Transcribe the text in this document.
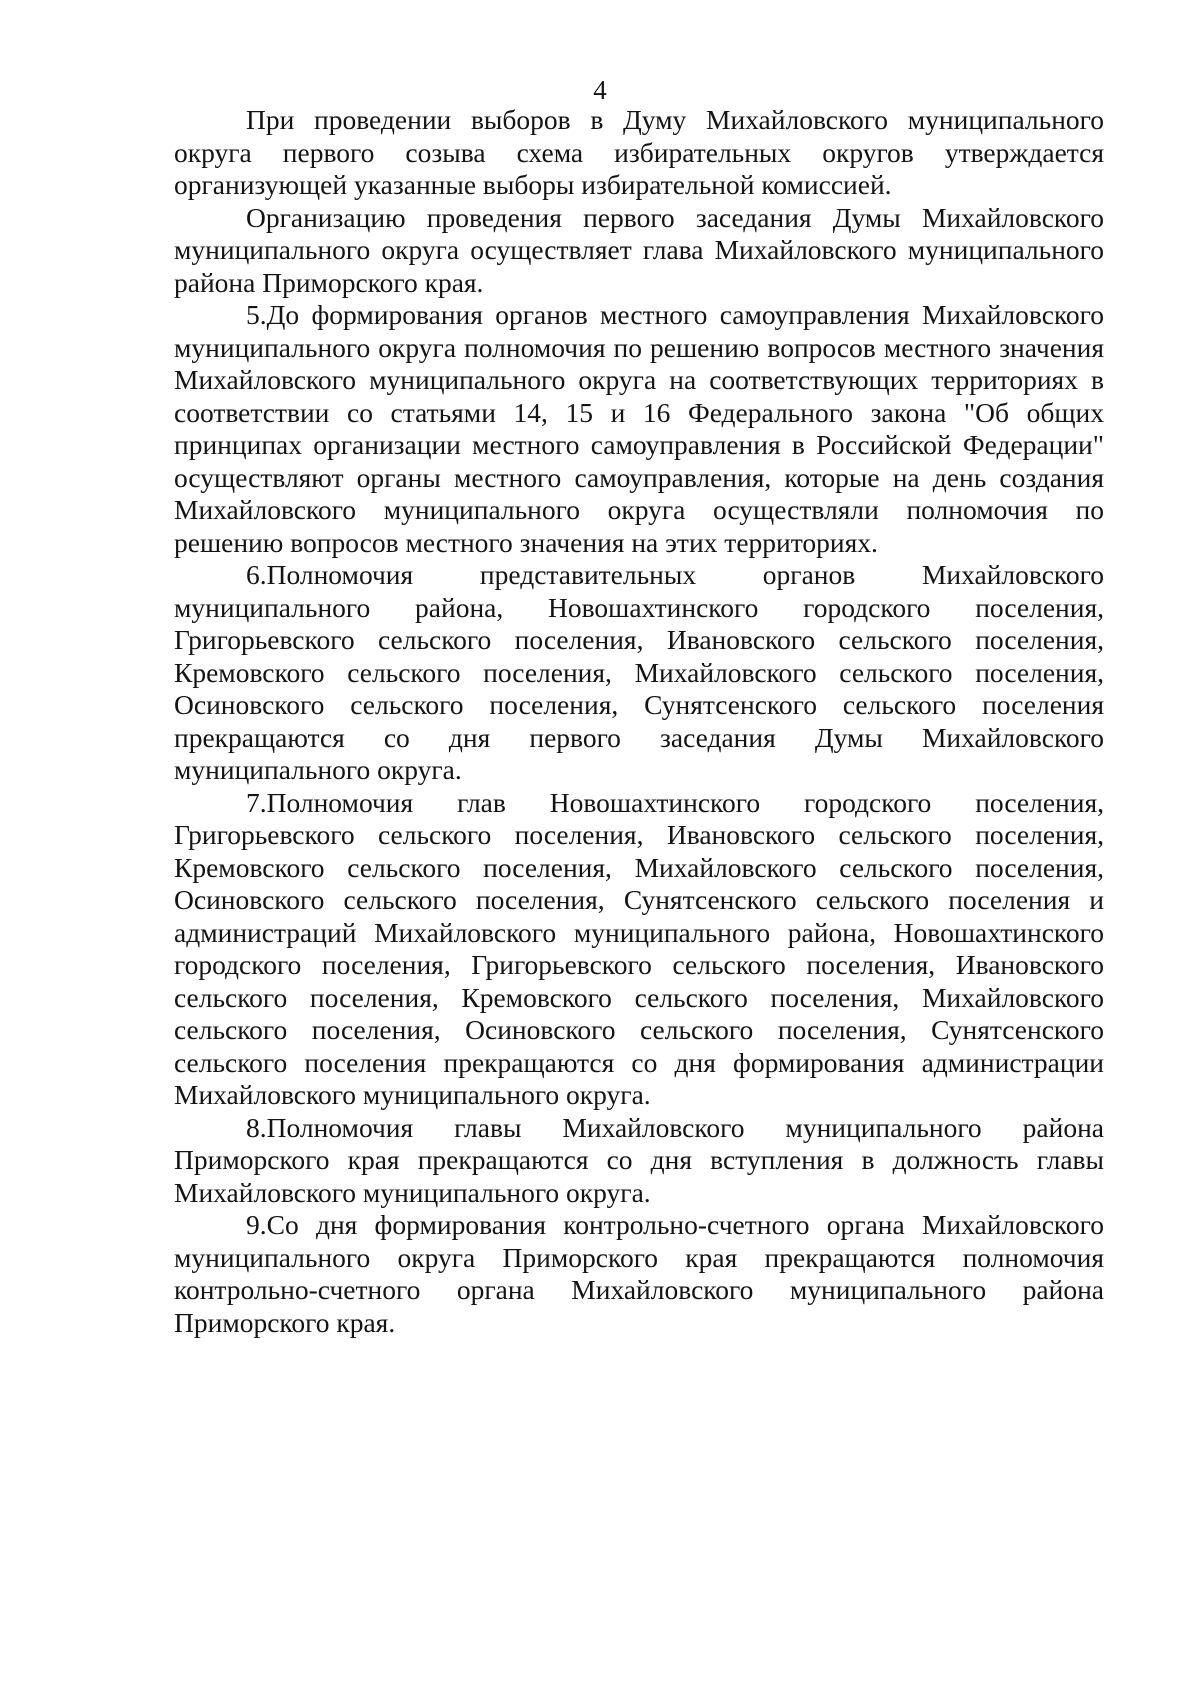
4

При проведении выборов в Думу Михайловского муниципального округа первого созыва схема избирательных округов утверждается организующей указанные выборы избирательной комиссией.

Организацию проведения первого заседания Думы Михайловского муниципального округа осуществляет глава Михайловского муниципального района Приморского края.

5.До формирования органов местного самоуправления Михайловского муниципального округа полномочия по решению вопросов местного значения Михайловского муниципального округа на соответствующих территориях в соответствии со статьями 14, 15 и 16 Федерального закона "Об общих принципах организации местного самоуправления в Российской Федерации" осуществляют органы местного самоуправления, которые на день создания Михайловского муниципального округа осуществляли полномочия по решению вопросов местного значения на этих территориях.

6.Полномочия представительных органов Михайловского муниципального района, Новошахтинского городского поселения, Григорьевского сельского поселения, Ивановского сельского поселения, Кремовского сельского поселения, Михайловского сельского поселения, Осиновского сельского поселения, Сунятсенского сельского поселения прекращаются со дня первого заседания Думы Михайловского муниципального округа.

7.Полномочия глав Новошахтинского городского поселения, Григорьевского сельского поселения, Ивановского сельского поселения, Кремовского сельского поселения, Михайловского сельского поселения, Осиновского сельского поселения, Сунятсенского сельского поселения и администраций Михайловского муниципального района, Новошахтинского городского поселения, Григорьевского сельского поселения, Ивановского сельского поселения, Кремовского сельского поселения, Михайловского сельского поселения, Осиновского сельского поселения, Сунятсенского сельского поселения прекращаются со дня формирования администрации Михайловского муниципального округа.

8.Полномочия главы Михайловского муниципального района Приморского края прекращаются со дня вступления в должность главы Михайловского муниципального округа.

9.Со дня формирования контрольно-счетного органа Михайловского муниципального округа Приморского края прекращаются полномочия контрольно-счетного органа Михайловского муниципального района Приморского края.
